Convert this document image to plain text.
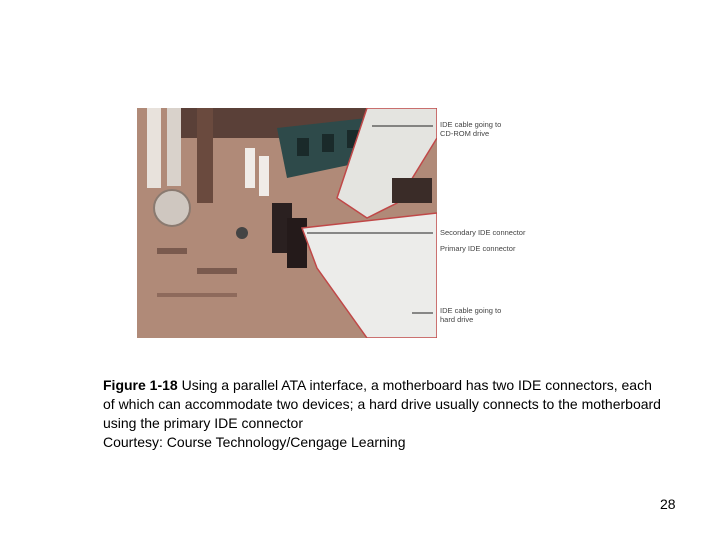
IDE cable going to
CD-ROM drive
Secondary IDE connector
Primary IDE connector
IDE cable going to
hard drive
Figure 1-18 Using a parallel ATA interface, a motherboard has two IDE connectors, each of which can accommodate two devices; a hard drive usually connects to the motherboard using the primary IDE connector
Courtesy: Course Technology/Cengage Learning
28
